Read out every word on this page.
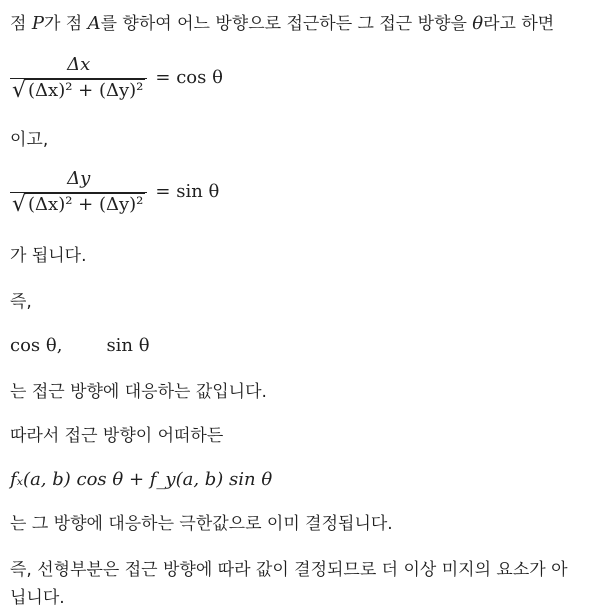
점 P가 점 A를 향하여 어느 방향으로 접근하든 그 접근 방향을 θ라고 하면
$\frac{\Delta x}{\text{√ (Δx)² + (Δy)²}} = \cos \theta$
이고,
$\frac{\Delta y}{\text{√ (Δx)² + (Δy)²}} = \sin \theta$
가 됩니다.
즉,
cos θ, sin θ
는 접근 방향에 대응하는 값입니다.
따라서 접근 방향이 어떠하든
fₓ(a, b) cos θ + f_y(a, b) sin θ
는 그 방향에 대응하는 극한값으로 이미 결정됩니다.
즉, 선형부분은 접근 방향에 따라 값이 결정되므로 더 이상 미지의 요소가 아
닙니다.
